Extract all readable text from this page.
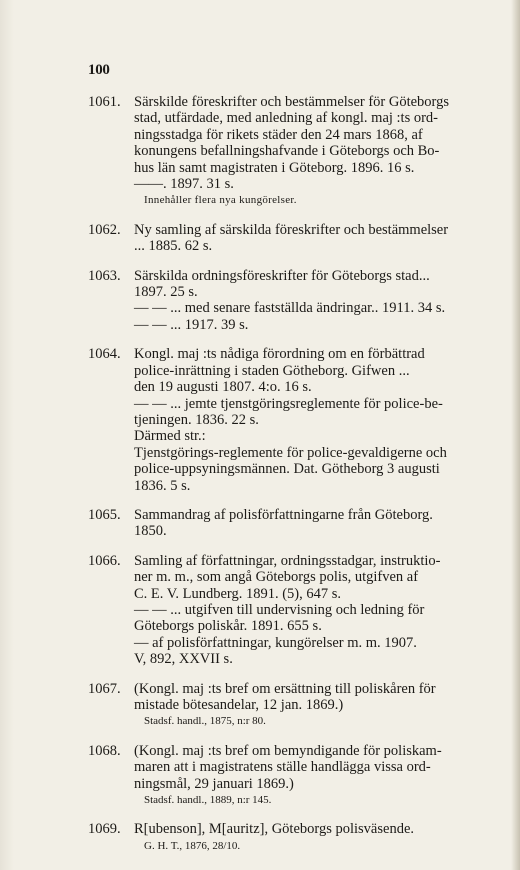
100
1061. Särskilde föreskrifter och bestämmelser för Göteborgs
stad, utfärdade, med anledning af kongl. maj :ts ord-
ningsstadga för rikets städer den 24 mars 1868, af
konungens befallningshafvande i Göteborgs och Bo-
hus län samt magistraten i Göteborg. 1896. 16 s.
——. 1897. 31 s.
Innehåller flera nya kungörelser.
1062. Ny samling af särskilda föreskrifter och bestämmelser
... 1885. 62 s.
1063. Särskilda ordningsföreskrifter för Göteborgs stad...
1897. 25 s.
— — ... med senare fastställda ändringar.. 1911. 34 s.
— — ... 1917. 39 s.
1064. Kongl. maj :ts nådiga förordning om en förbättrad
police-inrättning i staden Götheborg. Gifwen ...
den 19 augusti 1807. 4:o. 16 s.
— — ... jemte tjenstgöringsreglemente för police-be-
tjeningen. 1836. 22 s.
Därmed str.:
Tjenstgörings-reglemente för police-gevaldigerne och
police-uppsyningsmännen. Dat. Götheborg 3 augusti
1836. 5 s.
1065. Sammandrag af polisförfattningarne från Göteborg.
1850.
1066. Samling af författningar, ordningsstadgar, instruktio-
ner m. m., som angå Göteborgs polis, utgifven af
C. E. V. Lundberg. 1891. (5), 647 s.
— — ... utgifven till undervisning och ledning för
Göteborgs poliskår. 1891. 655 s.
— af polisförfattningar, kungörelser m. m. 1907.
V, 892, XXVII s.
1067. (Kongl. maj :ts bref om ersättning till poliskåren för
mistade bötesandelar, 12 jan. 1869.)
Stadsf. handl., 1875, n:r 80.
1068. (Kongl. maj :ts bref om bemyndigande för poliskam-
maren att i magistratens ställe handlägga vissa ord-
ningsmål, 29 januari 1869.)
Stadsf. handl., 1889, n:r 145.
1069. R[ubenson], M[auritz], Göteborgs polisväsende.
G. H. T., 1876, 28/10.
